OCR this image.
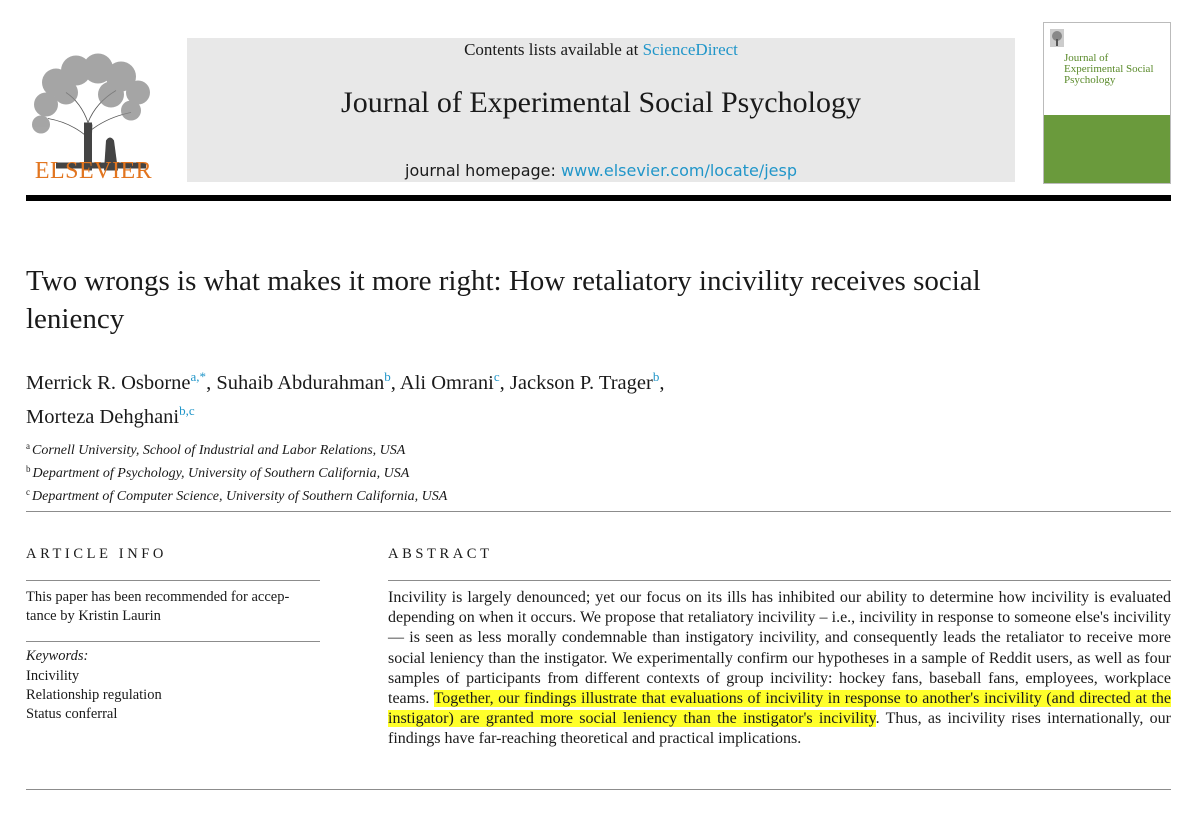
ELSEVIER
Contents lists available at ScienceDirect
Journal of Experimental Social Psychology
journal homepage: www.elsevier.com/locate/jesp
Journal of Experimental Social Psychology
Two wrongs is what makes it more right: How retaliatory incivility receives social leniency
Merrick R. Osborne$^{a,*}$, Suhaib Abdurahman$^b$, Ali Omrani$^c$, Jackson P. Trager$^b$,
Morteza Dehghani$^{b,c}$
$^a$ Cornell University, School of Industrial and Labor Relations, USA
$^b$ Department of Psychology, University of Southern California, USA
$^c$ Department of Computer Science, University of Southern California, USA
ARTICLE INFO
This paper has been recommended for accep-
tance by Kristin Laurin
Keywords:
Incivility
Relationship regulation
Status conferral
ABSTRACT
Incivility is largely denounced; yet our focus on its ills has inhibited our ability to determine how incivility is evaluated depending on when it occurs. We propose that retaliatory incivility – i.e., incivility in response to someone else's incivility — is seen as less morally condemnable than instigatory incivility, and consequently leads the retaliator to receive more social leniency than the instigator. We experimentally confirm our hypotheses in a sample of Reddit users, as well as four samples of participants from different contexts of group incivility: hockey fans, baseball fans, employees, workplace teams. Together, our findings illustrate that evaluations of incivility in response to another's incivility (and directed at the instigator) are granted more social leniency than the instigator's incivility. Thus, as incivility rises internationally, our findings have far-reaching theoretical and practical implications.
